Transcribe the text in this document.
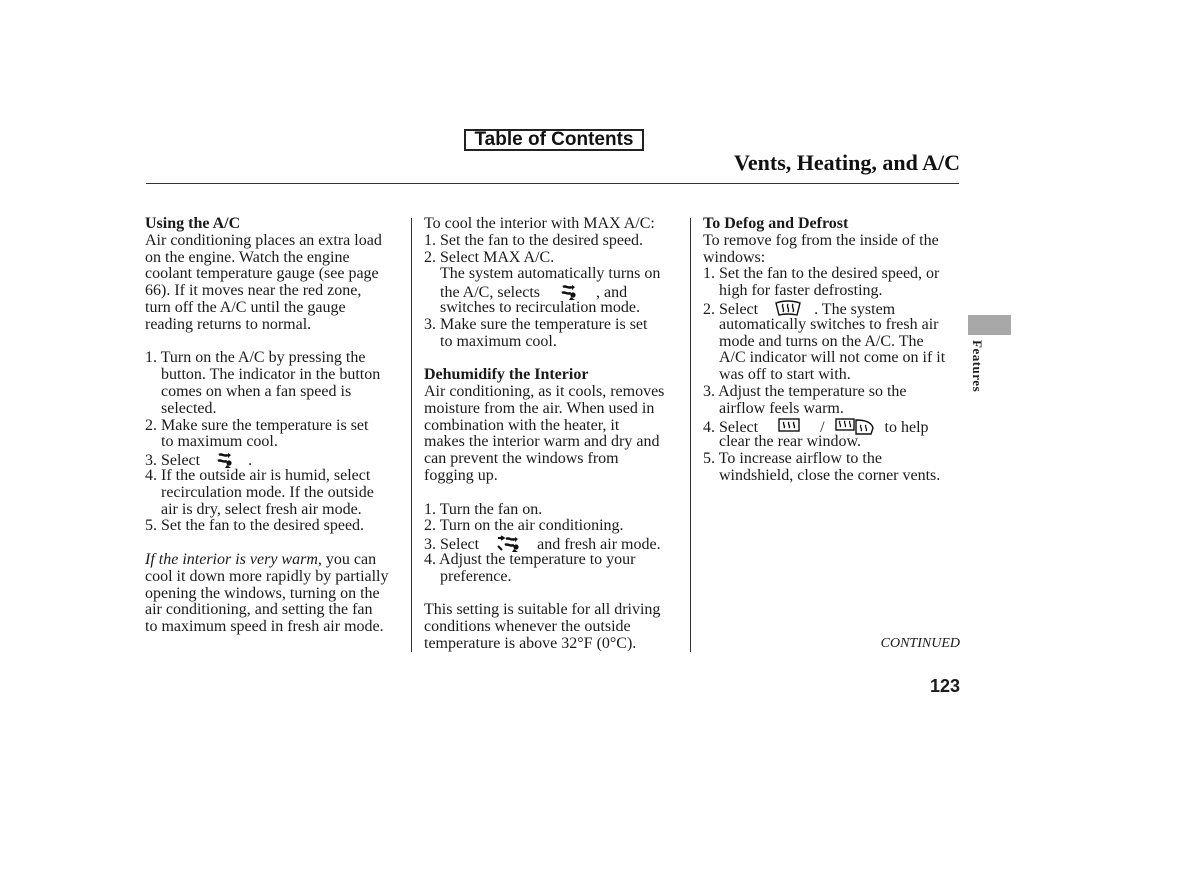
Table of Contents
Vents, Heating, and A/C
Using the A/C
Air conditioning places an extra load
on the engine. Watch the engine
coolant temperature gauge (see page
66). If it moves near the red zone,
turn off the A/C until the gauge
reading returns to normal.
1. Turn on the A/C by pressing the
button. The indicator in the button
comes on when a fan speed is
selected.
2. Make sure the temperature is set
to maximum cool.
3. Select	.
4. If the outside air is humid, select
recirculation mode. If the outside
air is dry, select fresh air mode.
5. Set the fan to the desired speed.
If the interior is very warm, you can
cool it down more rapidly by partially
opening the windows, turning on the
air conditioning, and setting the fan
to maximum speed in fresh air mode.
To cool the interior with MAX A/C:
1. Set the fan to the desired speed.
2. Select MAX A/C.
The system automatically turns on
the A/C, selects	, and
switches to recirculation mode.
3. Make sure the temperature is set
to maximum cool.
Dehumidify the Interior
Air conditioning, as it cools, removes
moisture from the air. When used in
combination with the heater, it
makes the interior warm and dry and
can prevent the windows from
fogging up.
1. Turn the fan on.
2. Turn on the air conditioning.
3. Select	and fresh air mode.
4. Adjust the temperature to your
preference.
This setting is suitable for all driving
conditions whenever the outside
temperature is above 32°F (0°C).
To Defog and Defrost
To remove fog from the inside of the
windows:
1. Set the fan to the desired speed, or
high for faster defrosting.
2. Select	. The system
automatically switches to fresh air
mode and turns on the A/C. The
A/C indicator will not come on if it
was off to start with.
3. Adjust the temperature so the
airflow feels warm.
4. Select	/	to help
clear the rear window.
5. To increase airflow to the
windshield, close the corner vents.
Features
CONTINUED
123
